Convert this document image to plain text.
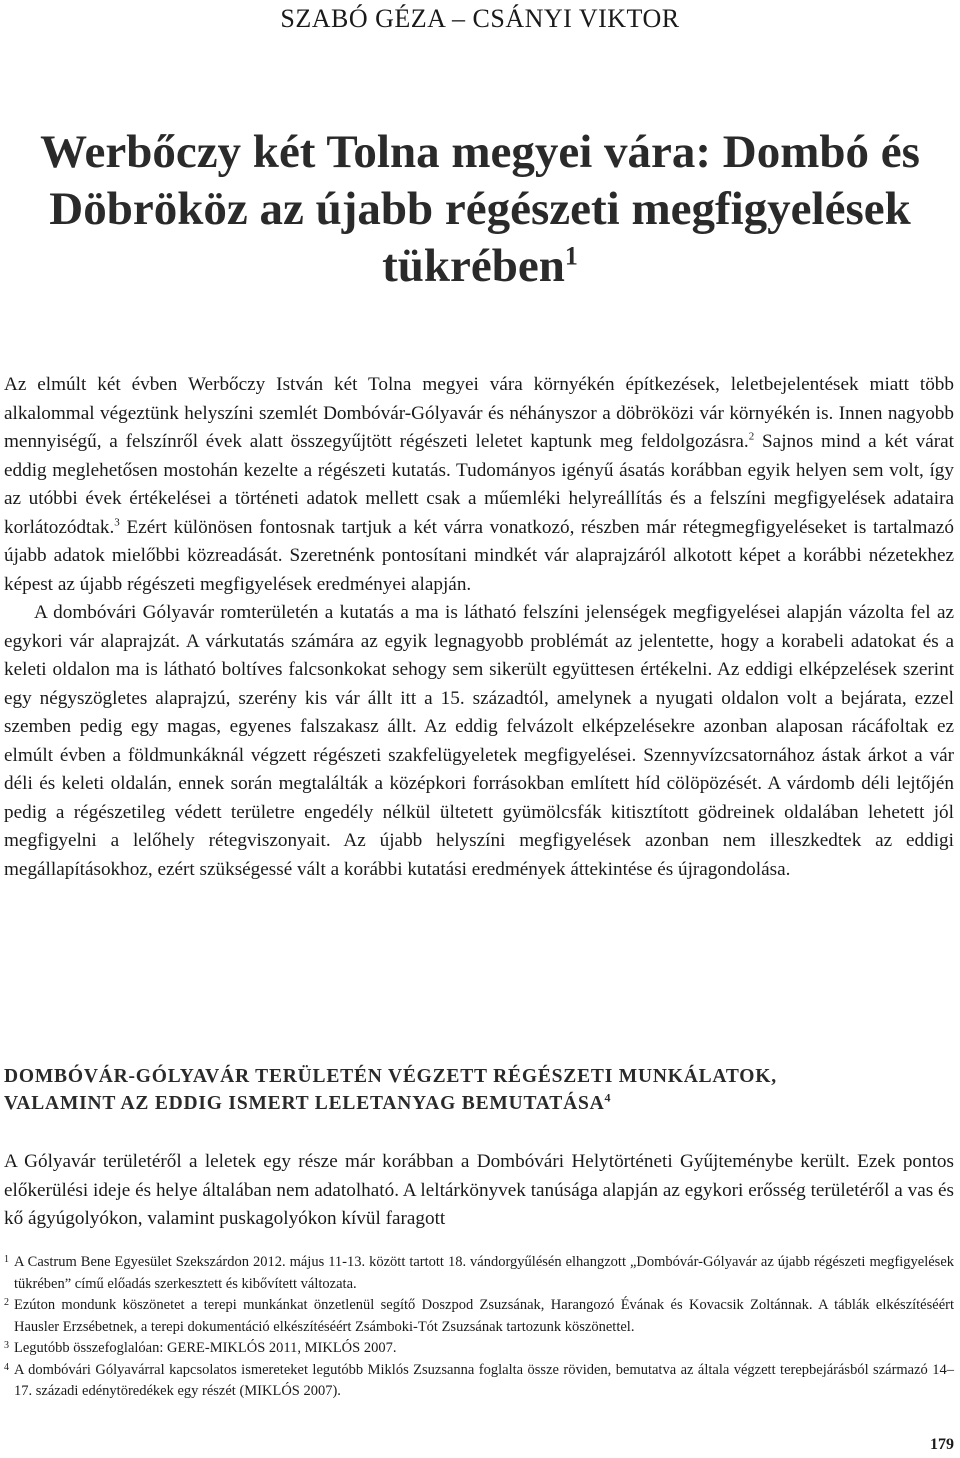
SZABÓ GÉZA – CSÁNYI VIKTOR
Werbőczy két Tolna megyei vára: Dombó és Döbrököz az újabb régészeti megfigyelések tükrében$^1$

Az elmúlt két évben Werbőczy István két Tolna megyei vára környékén építkezések, leletbejelentések miatt több alkalommal végeztünk helyszíni szemlét Dombóvár-Gólyavár és néhányszor a döbröközi vár környékén is. Innen nagyobb mennyiségű, a felszínről évek alatt összegyűjtött régészeti leletet kaptunk meg feldolgozásra.$^2$ Sajnos mind a két várat eddig meglehetősen mostohán kezelte a régészeti kutatás. Tudományos igényű ásatás korábban egyik helyen sem volt, így az utóbbi évek értékelései a történeti adatok mellett csak a műemléki helyreállítás és a felszíni megfigyelések adataira korlátozódtak.$^3$ Ezért különösen fontosnak tartjuk a két várra vonatkozó, részben már rétegmegfigyeléseket is tartalmazó újabb adatok mielőbbi közreadását. Szeretnénk pontosítani mindkét vár alaprajzáról alkotott képet a korábbi nézetekhez képest az újabb régészeti megfigyelések eredményei alapján.

A dombóvári Gólyavár romterületén a kutatás a ma is látható felszíni jelenségek megfigyelései alapján vázolta fel az egykori vár alaprajzát. A várkutatás számára az egyik legnagyobb problémát az jelentette, hogy a korabeli adatokat és a keleti oldalon ma is látható boltíves falcsonkokat sehogy sem sikerült együttesen értékelni. Az eddigi elképzelések szerint egy négyszögletes alaprajzú, szerény kis vár állt itt a 15. századtól, amelynek a nyugati oldalon volt a bejárata, ezzel szemben pedig egy magas, egyenes falszakasz állt. Az eddig felvázolt elképzelésekre azonban alaposan rácáfoltak ez elmúlt évben a földmunkáknál végzett régészeti szakfelügyeletek megfigyelései. Szennyvízcsatornához ástak árkot a vár déli és keleti oldalán, ennek során megtalálták a középkori forrásokban említett híd cölöpözését. A várdomb déli lejtőjén pedig a régészetileg védett területre engedély nélkül ültetett gyümölcsfák kitisztított gödreinek oldalában lehetett jól megfigyelni a lelőhely rétegviszonyait. Az újabb helyszíni megfigyelések azonban nem illeszkedtek az eddigi megállapításokhoz, ezért szükségessé vált a korábbi kutatási eredmények áttekintése és újragondolása.

DOMBÓVÁR-GÓLYAVÁR TERÜLETÉN VÉGZETT RÉGÉSZETI MUNKÁLATOK,
VALAMINT AZ EDDIG ISMERT LELETANYAG BEMUTATÁSA$^4$

A Gólyavár területéről a leletek egy része már korábban a Dombóvári Helytörténeti Gyűjteménybe került. Ezek pontos előkerülési ideje és helye általában nem adatolható. A leltárkönyvek tanúsága alapján az egykori erősség területéről a vas és kő ágyúgolyókon, valamint puskagolyókon kívül faragott

1 A Castrum Bene Egyesület Szekszárdon 2012. május 11-13. között tartott 18. vándorgyűlésén elhangzott „Dombóvár-Gólyavár az újabb régészeti megfigyelések tükrében” című előadás szerkesztett és kibővített változata.
2 Ezúton mondunk köszönetet a terepi munkánkat önzetlenül segítő Doszpod Zsuzsának, Harangozó Évának és Kovacsik Zoltánnak. A táblák elkészítéséért Hausler Erzsébetnek, a terepi dokumentáció elkészítéséért Zsámboki-Tót Zsuzsának tartozunk köszönettel.
3 Legutóbb összefoglalóan: GERE-MIKLÓS 2011, MIKLÓS 2007.
4 A dombóvári Gólyavárral kapcsolatos ismereteket legutóbb Miklós Zsuzsanna foglalta össze röviden, bemutatva az általa végzett terepbejárásból származó 14–17. századi edénytöredékek egy részét (MIKLÓS 2007).
179
